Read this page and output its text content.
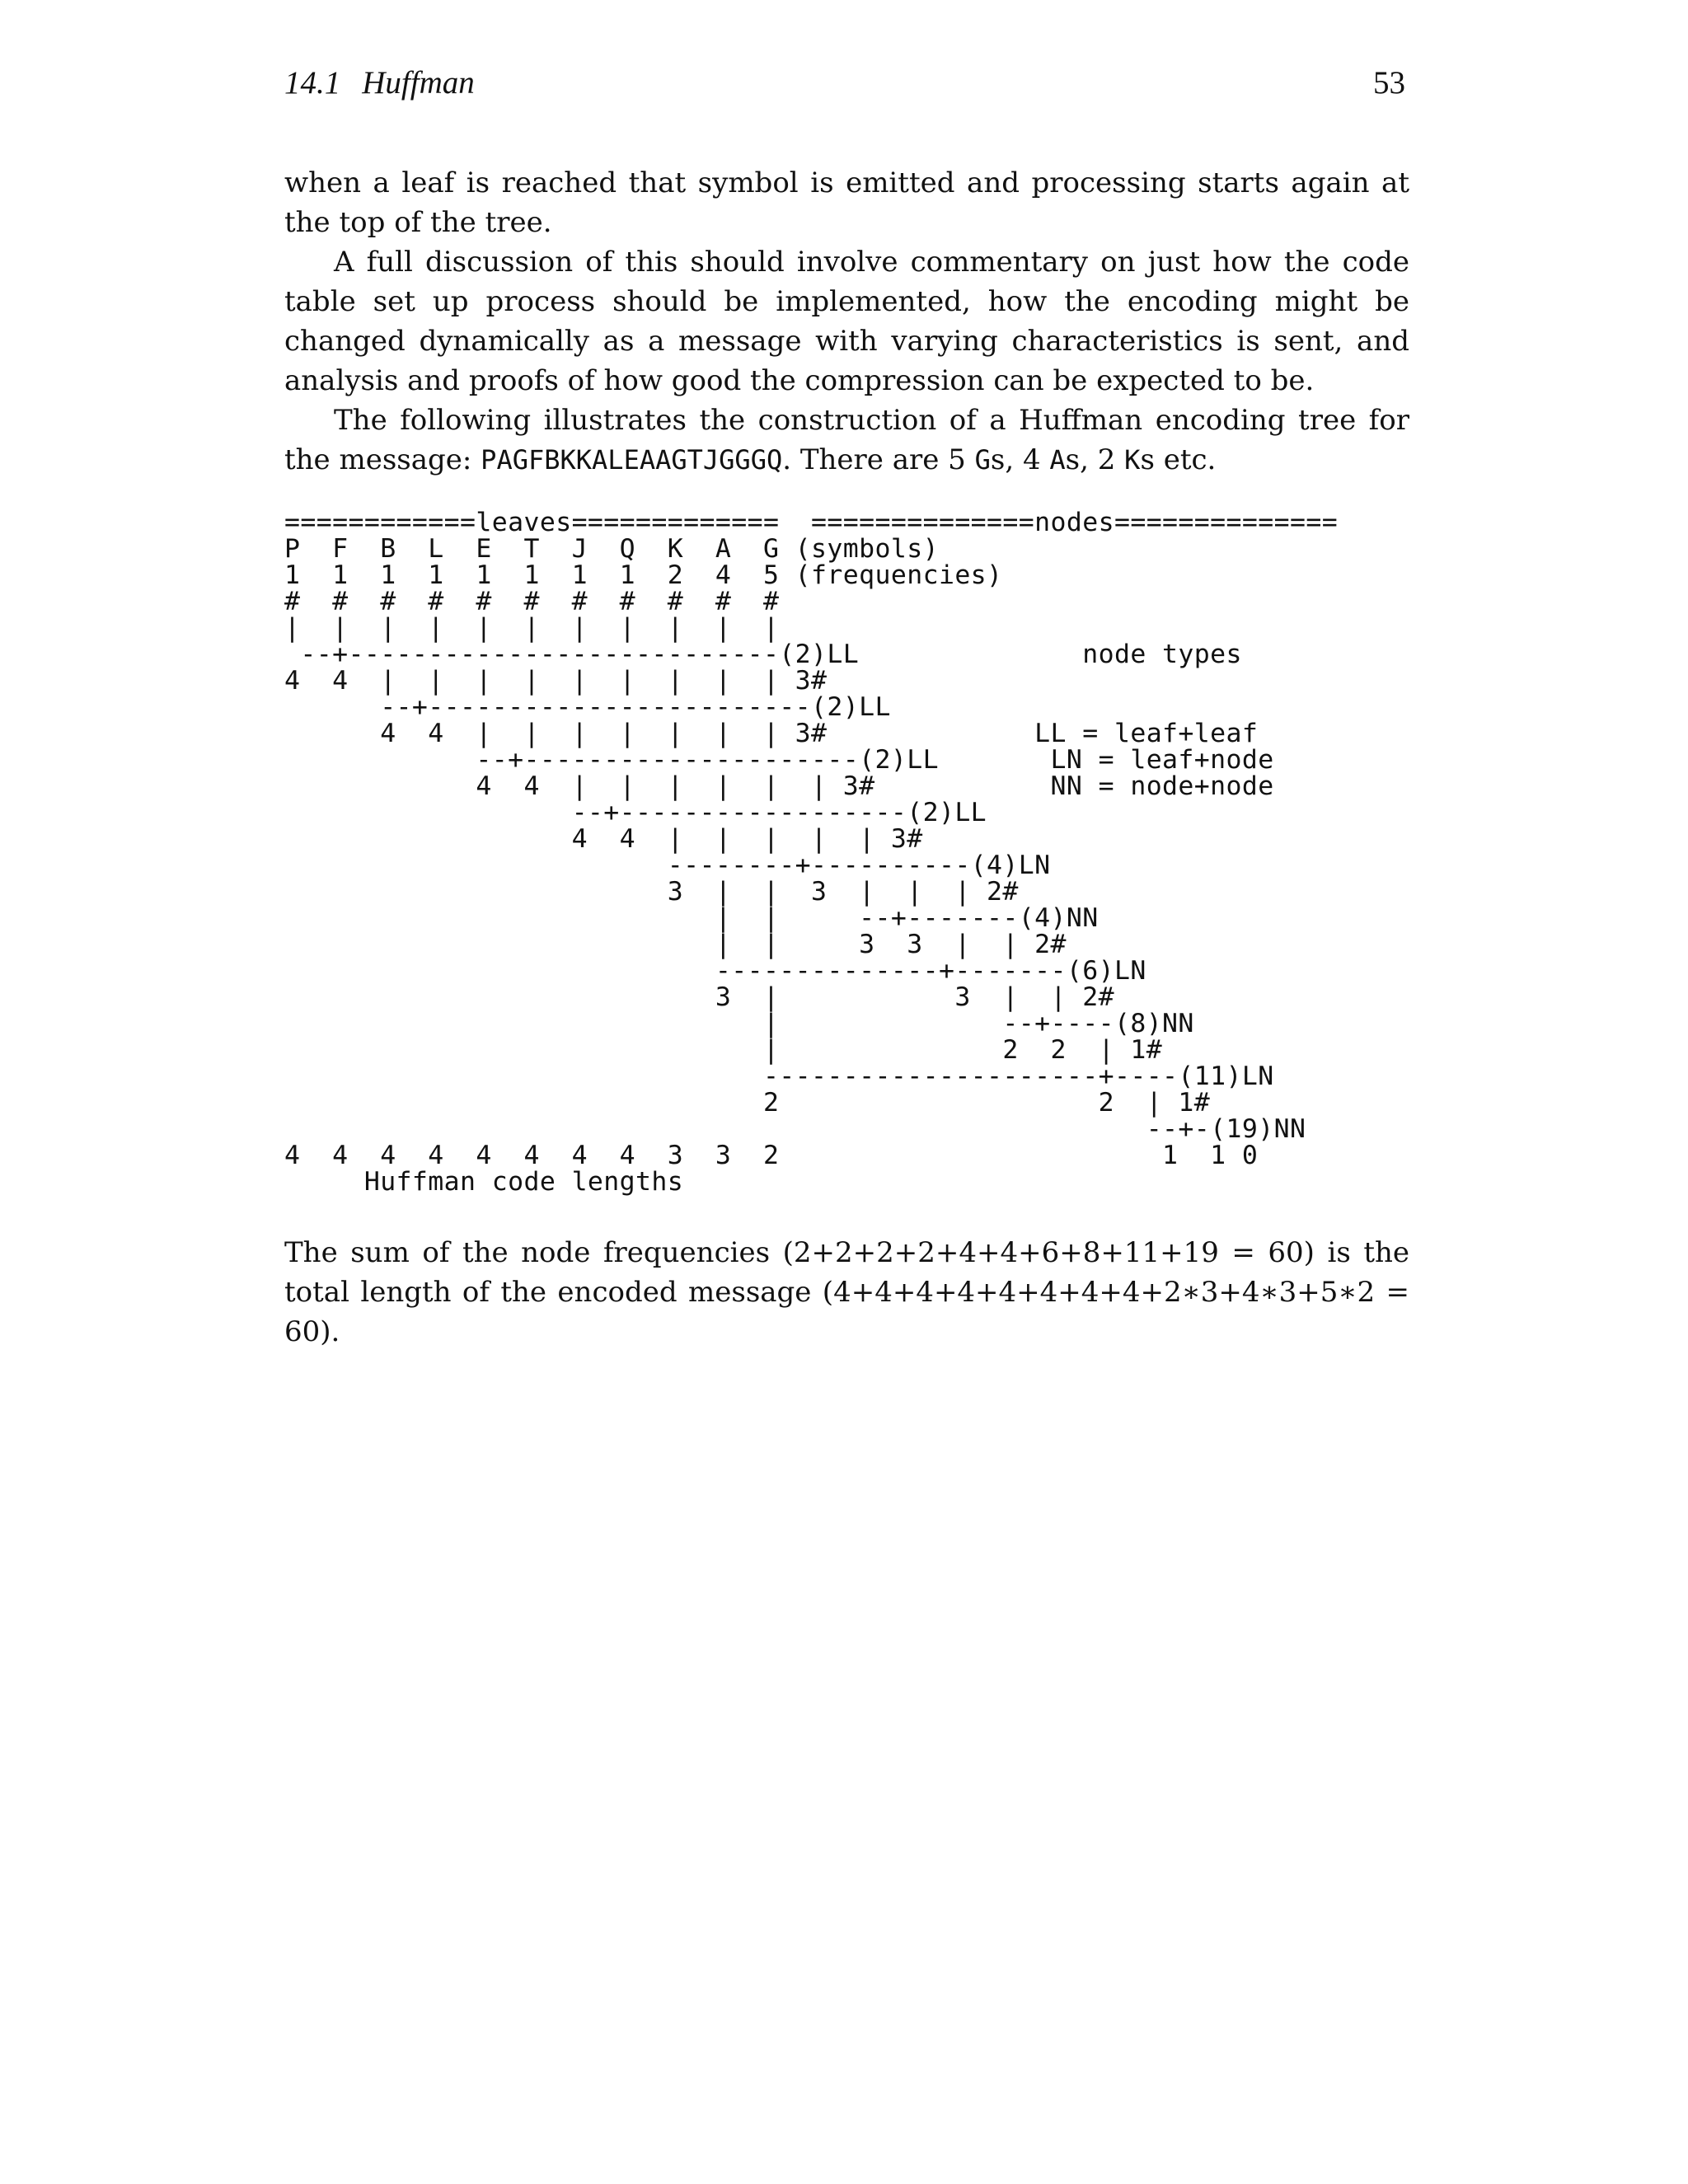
14.1 Huffman	53

when a leaf is reached that symbol is emitted and processing starts again at the top of the tree.

A full discussion of this should involve commentary on just how the code table set up process should be implemented, how the encoding might be changed dynamically as a message with varying characteristics is sent, and analysis and proofs of how good the compression can be expected to be.

The following illustrates the construction of a Huffman encoding tree for the message: PAGFBKKALEAAGTJGGGQ. There are 5 Gs, 4 As, 2 Ks etc.

============leaves=============  ==============nodes==============
P  F  B  L  E  T  J  Q  K  A  G (symbols)
1  1  1  1  1  1  1  1  2  4  5 (frequencies)
#  #  #  #  #  #  #  #  #  #  #
|  |  |  |  |  |  |  |  |  |  |
--+---------------------------(2)LL              node types
4  4  |  |  |  |  |  |  |  |  | 3#
--+------------------------(2)LL
4  4  |  |  |  |  |  |  | 3#             LL = leaf+leaf
--+---------------------(2)LL       LN = leaf+node
4  4  |  |  |  |  |  | 3#           NN = node+node
--+------------------(2)LL
4  4  |  |  |  |  | 3#
--------+----------(4)LN
3  |  |  3  |  |  | 2#
|  |     --+-------(4)NN
|  |     3  3  |  | 2#
--------------+-------(6)LN
3  |           3  |  | 2#
|              --+----(8)NN
|              2  2  | 1#
---------------------+----(11)LN
2                    2  | 1#
--+-(19)NN
4  4  4  4  4  4  4  4  3  3  2                        1  1 0
Huffman code lengths

The sum of the node frequencies (2+2+2+2+4+4+6+8+11+19 = 60) is the total length of the encoded message (4+4+4+4+4+4+4+4+2∗3+4∗3+5∗2 = 60).
